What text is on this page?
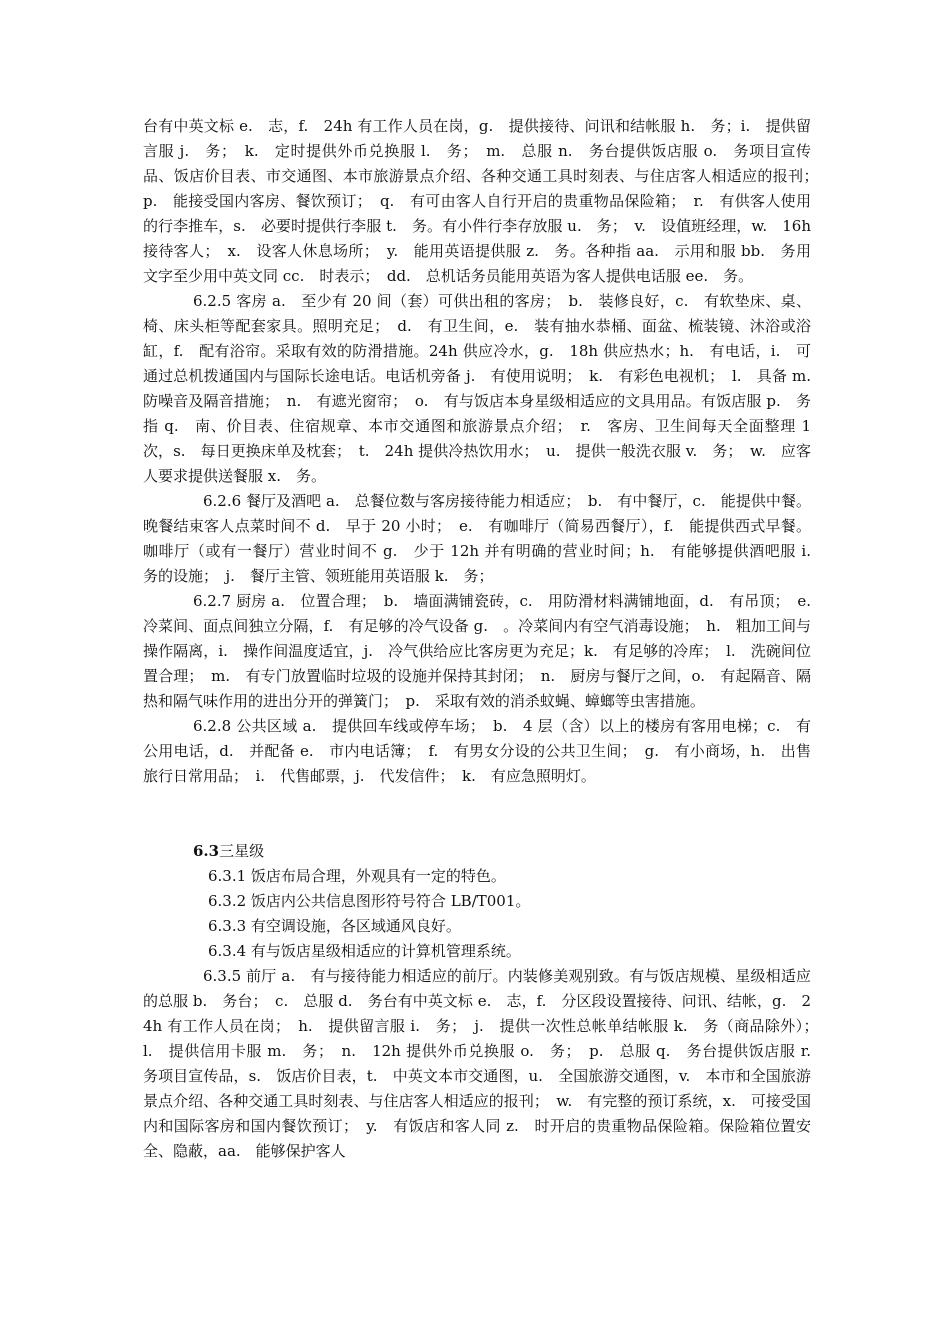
台有中英文标 e.　志，f.　24h 有工作人员在岗，g.　提供接待、问讯和结帐服 h.　务；i.　提供留言服 j.　务；　k.　定时提供外币兑换服 l.　务；　m.　总服 n.　务台提供饭店服 o.　务项目宣传品、饭店价目表、市交通图、本市旅游景点介绍、各种交通工具时刻表、与住店客人相适应的报刊；　p.　能接受国内客房、餐饮预订；　q.　有可由客人自行开启的贵重物品保险箱；　r.　有供客人使用的行李推车，s.　必要时提供行李服 t.　务。有小件行李存放服 u.　务；　v.　设值班经理，w.　16h 接待客人；　x.　设客人休息场所；　y.　能用英语提供服 z.　务。各种指 aa.　示用和服 bb.　务用文字至少用中英文同 cc.　时表示；　dd.　总机话务员能用英语为客人提供电话服 ee.　务。

6.2.5 客房 a.　至少有 20 间（套）可供出租的客房；　b.　装修良好，c.　有软垫床、桌、椅、床头柜等配套家具。照明充足；　d.　有卫生间，e.　装有抽水恭桶、面盆、梳装镜、沐浴或浴缸，f.　配有浴帘。采取有效的防滑措施。24h 供应冷水，g.　18h 供应热水；h.　有电话，i.　可通过总机拨通国内与国际长途电话。电话机旁备 j.　有使用说明；　k.　有彩色电视机；　l.　具备 m.　防噪音及隔音措施；　n.　有遮光窗帘；　o.　有与饭店本身星级相适应的文具用品。有饭店服 p.　务指 q.　南、价目表、住宿规章、本市交通图和旅游景点介绍；　r.　客房、卫生间每天全面整理 1 次，s.　每日更换床单及枕套；　t.　24h 提供冷热饮用水；　u.　提供一般洗衣服 v.　务；　w.　应客人要求提供送餐服 x.　务。

6.2.6 餐厅及酒吧 a.　总餐位数与客房接待能力相适应；　b.　有中餐厅，c.　能提供中餐。晚餐结束客人点菜时间不 d.　早于 20 小时；　e.　有咖啡厅（简易西餐厅），f.　能提供西式早餐。咖啡厅（或有一餐厅）营业时间不 g.　少于 12h 并有明确的营业时间；h.　有能够提供酒吧服 i.　务的设施；　j.　餐厅主管、领班能用英语服 k.　务；

6.2.7 厨房 a.　位置合理；　b.　墙面满铺瓷砖，c.　用防滑材料满铺地面，d.　有吊顶；　e.　冷菜间、面点间独立分隔，f.　有足够的冷气设备 g.　。冷菜间内有空气消毒设施；　h.　粗加工间与操作隔离，i.　操作间温度适宜，j.　冷气供给应比客房更为充足；k.　有足够的冷库；　l.　洗碗间位置合理；　m.　有专门放置临时垃圾的设施并保持其封闭；　n.　厨房与餐厅之间，o.　有起隔音、隔热和隔气味作用的进出分开的弹簧门；　p.　采取有效的消杀蚊蝇、蟑螂等虫害措施。

6.2.8 公共区域 a.　提供回车线或停车场；　b.　4 层（含）以上的楼房有客用电梯；c.　有公用电话，d.　并配备 e.　市内电话簿；　f.　有男女分设的公共卫生间；　g.　有小商场，h.　出售旅行日常用品；　i.　代售邮票，j.　代发信件；　k.　有应急照明灯。

6.3三星级

6.3.1 饭店布局合理，外观具有一定的特色。

6.3.2 饭店内公共信息图形符号符合 LB/T001。

6.3.3 有空调设施，各区域通风良好。

6.3.4 有与饭店星级相适应的计算机管理系统。

6.3.5 前厅 a.　有与接待能力相适应的前厅。内装修美观别致。有与饭店规模、星级相适应的总服 b.　务台；　c.　总服 d.　务台有中英文标 e.　志，f.　分区段设置接待、问讯、结帐，g.　24h 有工作人员在岗；　h.　提供留言服 i.　务；　j.　提供一次性总帐单结帐服 k.　务（商品除外）；　l.　提供信用卡服 m.　务；　n.　12h 提供外币兑换服 o.　务；　p.　总服 q.　务台提供饭店服 r.　务项目宣传品，s.　饭店价目表，t.　中英文本市交通图，u.　全国旅游交通图，v.　本市和全国旅游景点介绍、各种交通工具时刻表、与住店客人相适应的报刊；　w.　有完整的预订系统，x.　可接受国内和国际客房和国内餐饮预订；　y.　有饭店和客人同 z.　时开启的贵重物品保险箱。保险箱位置安全、隐蔽，aa.　能够保护客人
